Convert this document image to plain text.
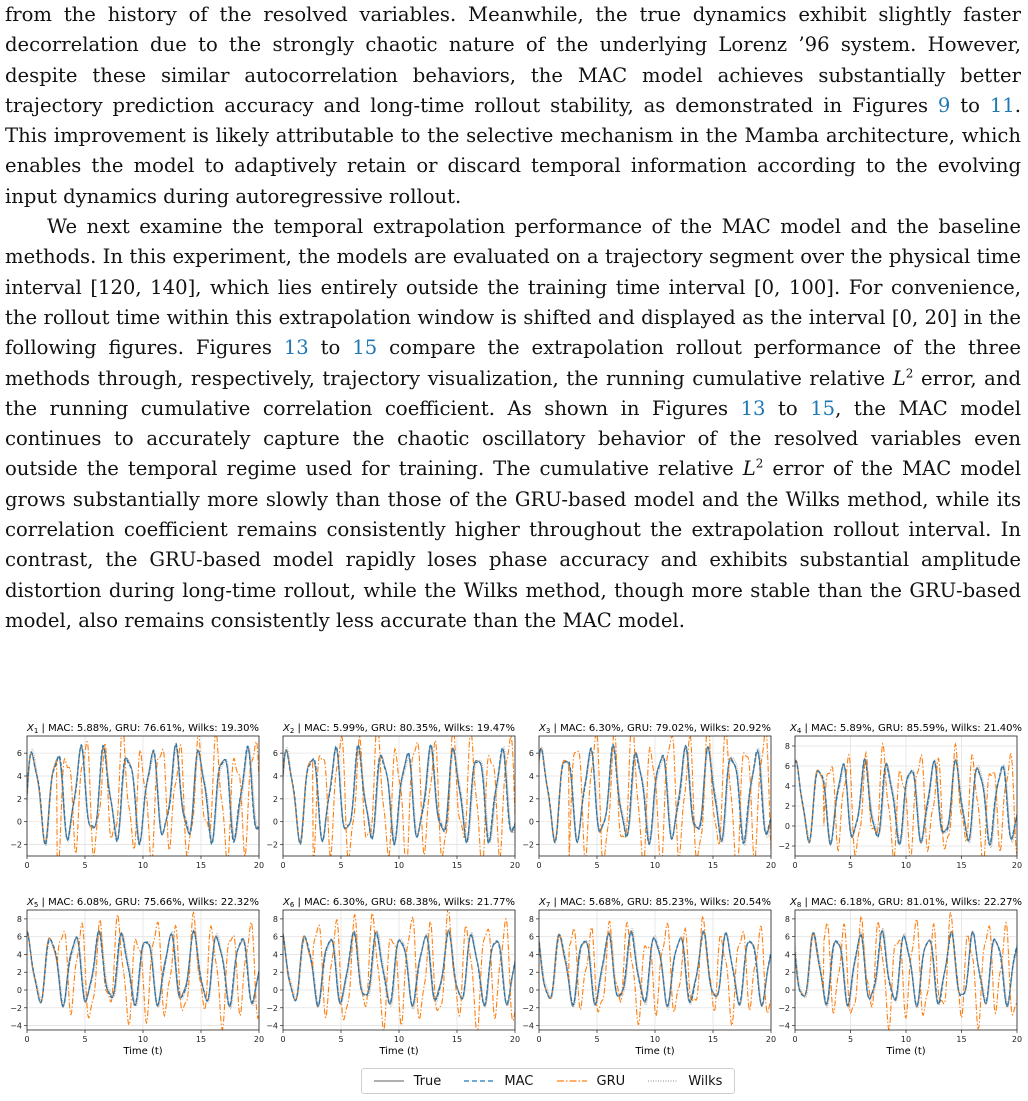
from the history of the resolved variables. Meanwhile, the true dynamics exhibit slightly faster decorrelation due to the strongly chaotic nature of the underlying Lorenz ’96 system. However, despite these similar autocorrelation behaviors, the MAC model achieves substantially better trajectory prediction accuracy and long-time rollout stability, as demonstrated in Figures 9 to 11. This improvement is likely attributable to the selective mechanism in the Mamba architecture, which enables the model to adaptively retain or discard temporal information according to the evolving input dynamics during autoregressive rollout.

We next examine the temporal extrapolation performance of the MAC model and the baseline methods. In this experiment, the models are evaluated on a trajectory segment over the physical time interval [120, 140], which lies entirely outside the training time interval [0, 100]. For convenience, the rollout time within this extrapolation window is shifted and displayed as the interval [0, 20] in the following figures. Figures 13 to 15 compare the extrapolation rollout performance of the three methods through, respectively, trajectory visualization, the running cumulative relative $L^2$ error, and the running cumulative correlation coefficient. As shown in Figures 13 to 15, the MAC model continues to accurately capture the chaotic oscillatory behavior of the resolved variables even outside the temporal regime used for training. The cumulative relative $L^2$ error of the MAC model grows substantially more slowly than those of the GRU-based model and the Wilks method, while its correlation coefficient remains consistently higher throughout the extrapolation rollout interval. In contrast, the GRU-based model rapidly loses phase accuracy and exhibits substantial amplitude distortion during long-time rollout, while the Wilks method, though more stable than the GRU-based model, also remains consistently less accurate than the MAC model.

$X_1$ | MAC: 5.88%, GRU: 76.61%, Wilks: 19.30%
0	5	10	15	20
−2
0
2
4
6
$X_2$ | MAC: 5.99%, GRU: 80.35%, Wilks: 19.47%
0	5	10	15	20
−2
0
2
4
6
$X_3$ | MAC: 6.30%, GRU: 79.02%, Wilks: 20.92%
0	5	10	15	20
−2
0
2
4
6
$X_4$ | MAC: 5.89%, GRU: 85.59%, Wilks: 21.40%
0	5	10	15	20
−2
0
2
4
6
8
$X_5$ | MAC: 6.08%, GRU: 75.66%, Wilks: 22.32%
0	5	10	15	20
−4
−2
0
2
4
6
8
Time (t)
$X_6$ | MAC: 6.30%, GRU: 68.38%, Wilks: 21.77%
0	5	10	15	20
−4
−2
0
2
4
6
8
Time (t)
$X_7$ | MAC: 5.68%, GRU: 85.23%, Wilks: 20.54%
0	5	10	15	20
−4
−2
0
2
4
6
8
Time (t)
$X_8$ | MAC: 6.18%, GRU: 81.01%, Wilks: 22.27%
0	5	10	15	20
−4
−2
0
2
4
6
8
Time (t)
True	MAC	GRU	Wilks
